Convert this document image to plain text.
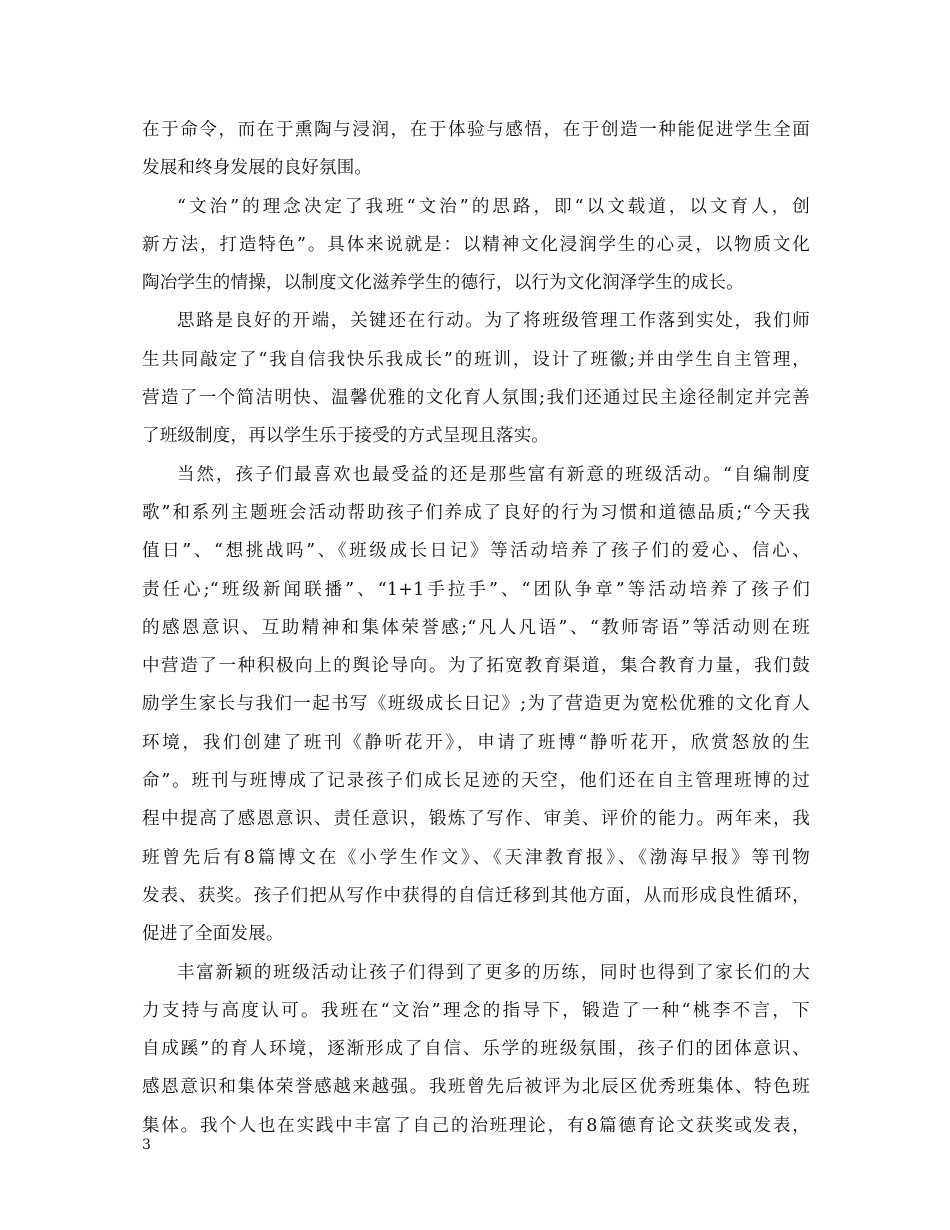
在于命令，而在于熏陶与浸润，在于体验与感悟，在于创造一种能促进学生全面
发展和终身发展的良好氛围。
“文治”的理念决定了我班“文治”的思路，即“以文载道，以文育人，创
新方法，打造特色”。具体来说就是：以精神文化浸润学生的心灵，以物质文化
陶冶学生的情操，以制度文化滋养学生的德行，以行为文化润泽学生的成长。
思路是良好的开端，关键还在行动。为了将班级管理工作落到实处，我们师
生共同敲定了“我自信我快乐我成长”的班训，设计了班徽;并由学生自主管理，
营造了一个简洁明快、温馨优雅的文化育人氛围;我们还通过民主途径制定并完善
了班级制度，再以学生乐于接受的方式呈现且落实。
当然，孩子们最喜欢也最受益的还是那些富有新意的班级活动。“自编制度
歌”和系列主题班会活动帮助孩子们养成了良好的行为习惯和道德品质;“今天我
值日”、“想挑战吗”、《班级成长日记》等活动培养了孩子们的爱心、信心、
责任心;“班级新闻联播”、“1+1手拉手”、“团队争章”等活动培养了孩子们
的感恩意识、互助精神和集体荣誉感;“凡人凡语”、“教师寄语”等活动则在班
中营造了一种积极向上的舆论导向。为了拓宽教育渠道，集合教育力量，我们鼓
励学生家长与我们一起书写《班级成长日记》;为了营造更为宽松优雅的文化育人
环境，我们创建了班刊《静听花开》，申请了班博“静听花开，欣赏怒放的生
命”。班刊与班博成了记录孩子们成长足迹的天空，他们还在自主管理班博的过
程中提高了感恩意识、责任意识，锻炼了写作、审美、评价的能力。两年来，我
班曾先后有8篇博文在《小学生作文》、《天津教育报》、《渤海早报》等刊物
发表、获奖。孩子们把从写作中获得的自信迁移到其他方面，从而形成良性循环，
促进了全面发展。
丰富新颖的班级活动让孩子们得到了更多的历练，同时也得到了家长们的大
力支持与高度认可。我班在“文治”理念的指导下，锻造了一种“桃李不言，下
自成蹊”的育人环境，逐渐形成了自信、乐学的班级氛围，孩子们的团体意识、
感恩意识和集体荣誉感越来越强。我班曾先后被评为北辰区优秀班集体、特色班
集体。我个人也在实践中丰富了自己的治班理论，有8篇德育论文获奖或发表，
3
